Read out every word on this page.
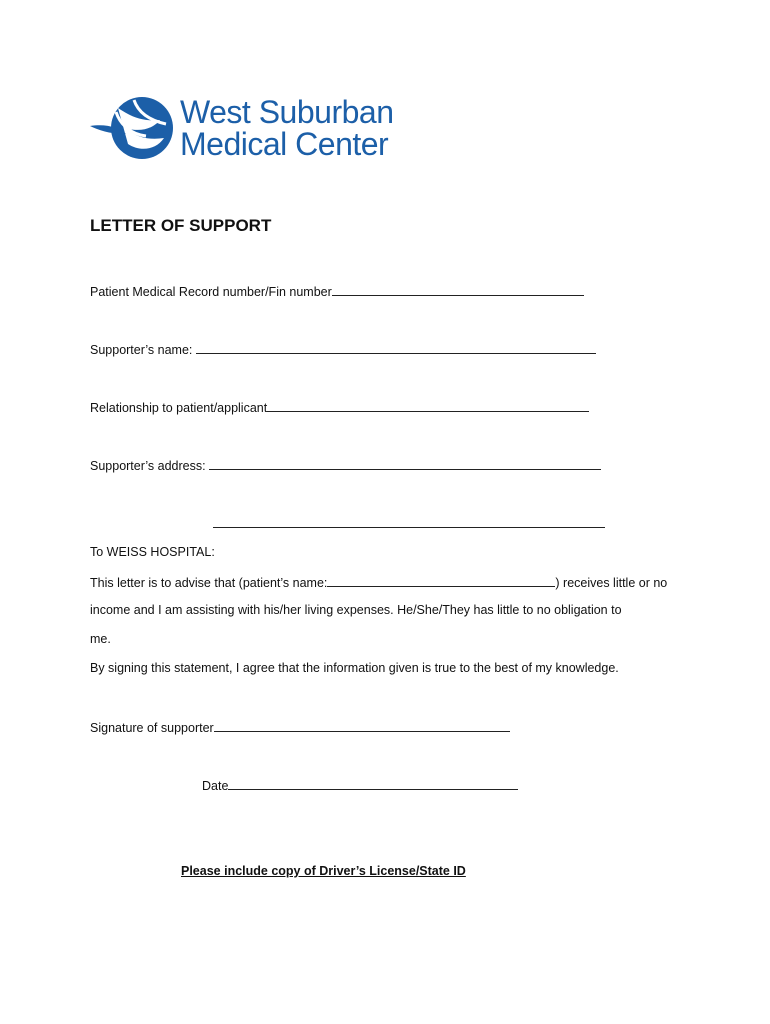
West Suburban
Medical Center
LETTER OF SUPPORT
Patient Medical Record number/Fin number
Supporter’s name:
Relationship to patient/applicant
Supporter’s address:
To WEISS HOSPITAL:
This letter is to advise that (patient’s name:	) receives little or no
income and I am assisting with his/her living expenses. He/She/They has little to no obligation to
me.
By signing this statement, I agree that the information given is true to the best of my knowledge.
Signature of supporter
Date
Please include copy of Driver’s License/State ID
